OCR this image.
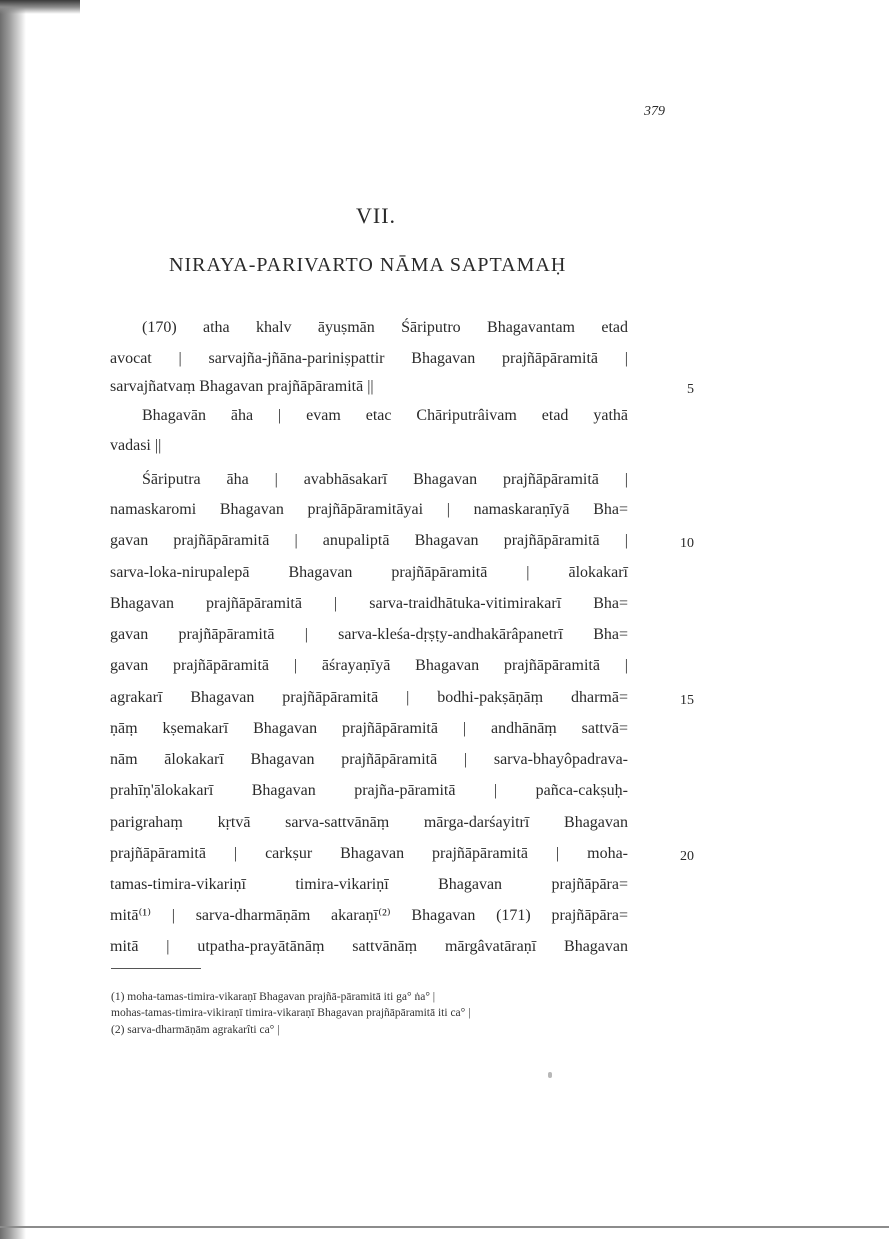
379
VII.
NIRAYA-PARIVARTO NĀMA SAPTAMAḤ
(170) atha khalv āyuṣmān Śāriputro Bhagavantam etad
avocat | sarvajña-jñāna-pariniṣpattir Bhagavan prajñāpāramitā |
sarvajñatvaṃ Bhagavan prajñāpāramitā ||
Bhagavān āha | evam etac Chāriputrâivam etad yathā
vadasi ||
Śāriputra āha | avabhāsakarī Bhagavan prajñāpāramitā |
namaskaromi Bhagavan prajñāpāramitāyai | namaskaraṇīyā Bha=
gavan prajñāpāramitā | anupaliptā Bhagavan prajñāpāramitā |
sarva-loka-nirupalepā Bhagavan prajñāpāramitā | ālokakarī
Bhagavan prajñāpāramitā | sarva-traidhātuka-vitimirakarī Bha=
gavan prajñāpāramitā | sarva-kleśa-dṛṣṭy-andhakārâpanetrī Bha=
gavan prajñāpāramitā | āśrayaṇīyā Bhagavan prajñāpāramitā |
agrakarī Bhagavan prajñāpāramitā | bodhi-pakṣāṇāṃ dharmā=
ṇāṃ kṣemakarī Bhagavan prajñāpāramitā | andhānāṃ sattvā=
nām ālokakarī Bhagavan prajñāpāramitā | sarva-bhayôpadrava-
prahīṇ'ālokakarī Bhagavan prajña-pāramitā | pañca-cakṣuḥ-
parigrahaṃ kṛtvā sarva-sattvānāṃ mārga-darśayitrī Bhagavan
prajñāpāramitā | carkṣur Bhagavan prajñāpāramitā | moha-
tamas-timira-vikariṇī timira-vikariṇī Bhagavan prajñāpāra=
mitā⁽¹⁾ | sarva-dharmāṇām akaraṇī⁽²⁾ Bhagavan (171) prajñāpāra=
mitā | utpatha-prayātānāṃ sattvānāṃ mārgâvatāraṇī Bhagavan
5
10
15
20
(1) moha-tamas-timira-vikaraṇī Bhagavan prajñā-pāramitā iti ga° ṅa° |
mohas-tamas-timira-vikiraṇī timira-vikaraṇī Bhagavan prajñāpāramitā iti ca° |
(2) sarva-dharmāṇām agrakarîti ca° |
